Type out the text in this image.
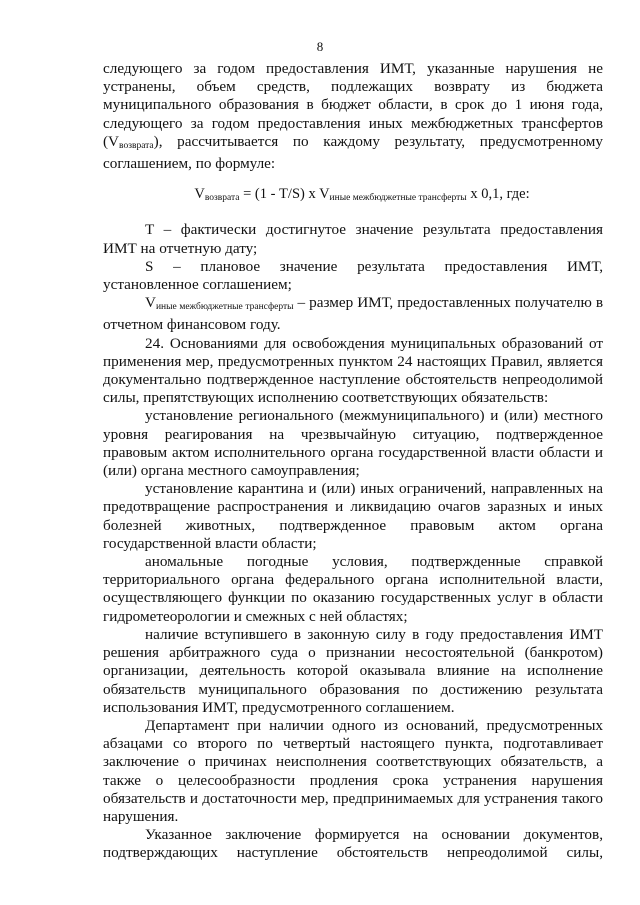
8

следующего за годом предоставления ИМТ, указанные нарушения не устранены, объем средств, подлежащих возврату из бюджета муниципального образования в бюджет области, в срок до 1 июня года, следующего за годом предоставления иных межбюджетных трансфертов $(V_{возврата})$, рассчитывается по каждому результату, предусмотренному соглашением, по формуле:

$V_{возврата} = (1 - T/S)$ x $V_{иные межбюджетные трансферты}$ x 0,1, где:

T – фактически достигнутое значение результата предоставления ИМТ на отчетную дату;

S – плановое значение результата предоставления ИМТ, установленное соглашением;

$V_{иные межбюджетные трансферты}$ – размер ИМТ, предоставленных получателю в отчетном финансовом году.

24. Основаниями для освобождения муниципальных образований от применения мер, предусмотренных пунктом 24 настоящих Правил, является документально подтвержденное наступление обстоятельств непреодолимой силы, препятствующих исполнению соответствующих обязательств:

установление регионального (межмуниципального) и (или) местного уровня реагирования на чрезвычайную ситуацию, подтвержденное правовым актом исполнительного органа государственной власти области и (или) органа местного самоуправления;

установление карантина и (или) иных ограничений, направленных на предотвращение распространения и ликвидацию очагов заразных и иных болезней животных, подтвержденное правовым актом органа государственной власти области;

аномальные погодные условия, подтвержденные справкой территориального органа федерального органа исполнительной власти, осуществляющего функции по оказанию государственных услуг в области гидрометеорологии и смежных с ней областях;

наличие вступившего в законную силу в году предоставления ИМТ решения арбитражного суда о признании несостоятельной (банкротом) организации, деятельность которой оказывала влияние на исполнение обязательств муниципального образования по достижению результата использования ИМТ, предусмотренного соглашением.

Департамент при наличии одного из оснований, предусмотренных абзацами со второго по четвертый настоящего пункта, подготавливает заключение о причинах неисполнения соответствующих обязательств, а также о целесообразности продления срока устранения нарушения обязательств и достаточности мер, предпринимаемых для устранения такого нарушения.

Указанное заключение формируется на основании документов, подтверждающих наступление обстоятельств непреодолимой силы,
